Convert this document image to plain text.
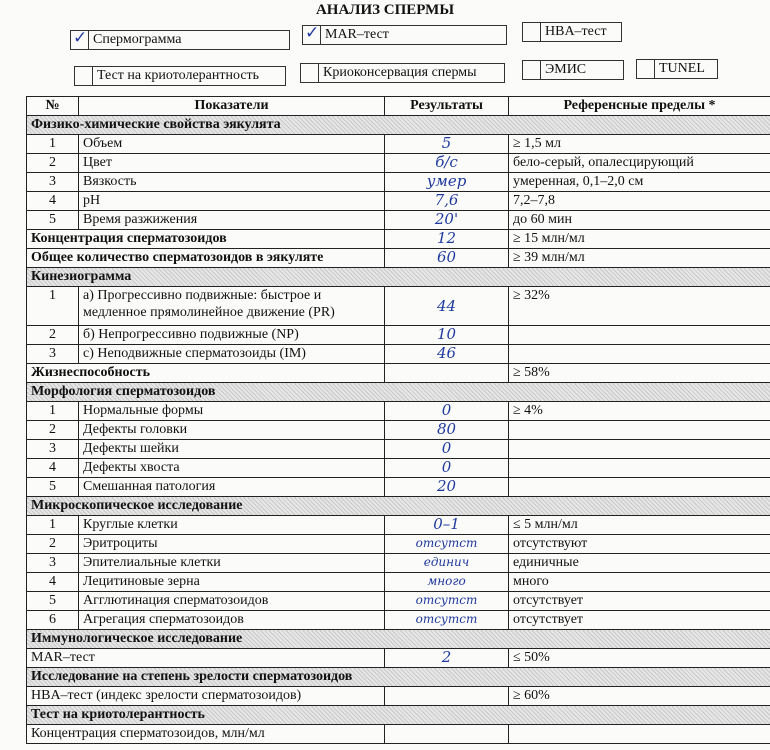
АНАЛИЗ СПЕРМЫ
✓ Спермограмма	✓ MAR–тест	HBA–тест
Тест на криотолерантность	Криоконсервация спермы	ЭМИС	TUNEL
№	Показатели	Результаты	Референсные пределы *
Физико-химические свойства эякулята			
1	Объем	5	≥ 1,5 мл
2	Цвет	б/с	бело-серый, опалесцирующий
3	Вязкость	умер	умеренная, 0,1–2,0 см
4	pH	7,6	7,2–7,8
5	Время разжижения	20'	до 60 мин
Концентрация сперматозоидов		12	≥ 15 млн/мл
Общее количество сперматозоидов в эякуляте		60	≥ 39 млн/мл
Кинезиограмма			
1	а) Прогрессивно подвижные: быстрое и
медленное прямолинейное движение (PR)	44	≥ 32%
2	б) Непрогрессивно подвижные (NP)	10	
3	с) Неподвижные сперматозоиды (IM)	46	
Жизнеспособность			≥ 58%
Морфология сперматозоидов			
1	Нормальные формы	0	≥ 4%
2	Дефекты головки	80	
3	Дефекты шейки	0	
4	Дефекты хвоста	0	
5	Смешанная патология	20	
Микроскопическое исследование			
1	Круглые клетки	0–1	≤ 5 млн/мл
2	Эритроциты	отсутст	отсутствуют
3	Эпителиальные клетки	единич	единичные
4	Лецитиновые зерна	много	много
5	Агглютинация сперматозоидов	отсутст	отсутствует
6	Агрегация сперматозоидов	отсутст	отсутствует
Иммунологическое исследование			
MAR–тест		2	≤ 50%
Исследование на степень зрелости сперматозоидов			
HBA–тест (индекс зрелости сперматозоидов)			≥ 60%
Тест на криотолерантность			
Концентрация сперматозоидов, млн/мл			
